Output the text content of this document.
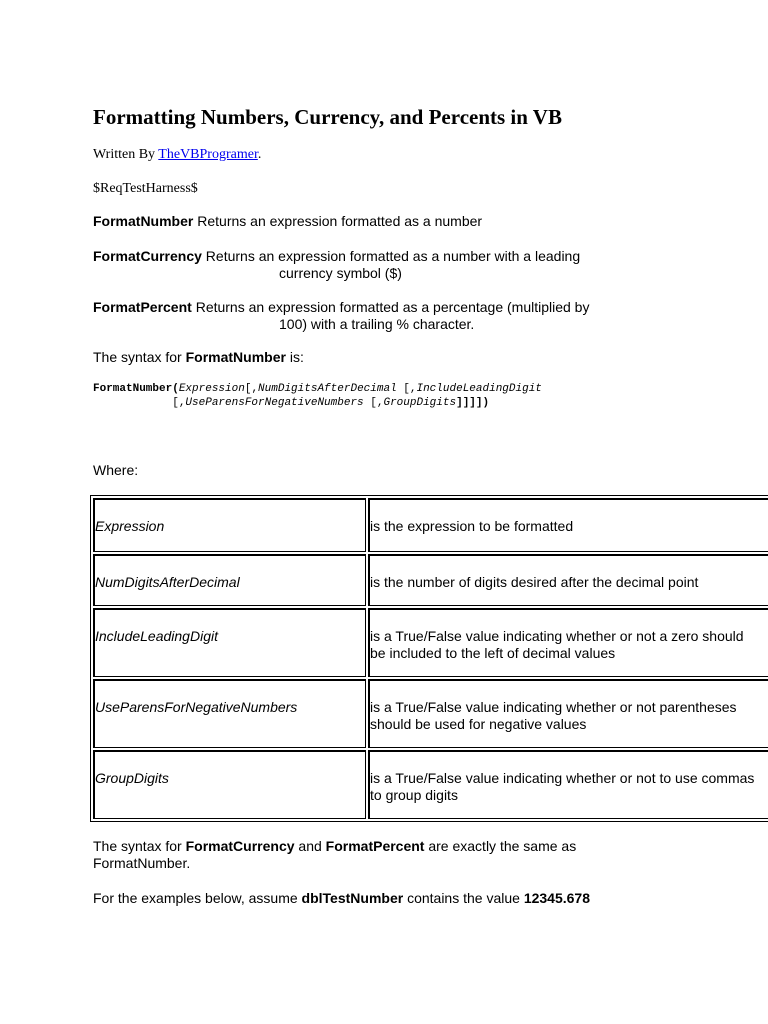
Formatting Numbers, Currency, and Percents in VB
Written By TheVBProgramer.
$ReqTestHarness$
FormatNumber Returns an expression formatted as a number
FormatCurrency Returns an expression formatted as a number with a leading
currency symbol ($)
FormatPercent Returns an expression formatted as a percentage (multiplied by
100) with a trailing % character.
The syntax for FormatNumber is:
FormatNumber(Expression[,NumDigitsAfterDecimal [,IncludeLeadingDigit
[,UseParensForNegativeNumbers [,GroupDigits]]]])
Where:
Expression	is the expression to be formatted
NumDigitsAfterDecimal	is the number of digits desired after the decimal point
IncludeLeadingDigit	is a True/False value indicating whether or not a zero should
be included to the left of decimal values
UseParensForNegativeNumbers	is a True/False value indicating whether or not parentheses
should be used for negative values
GroupDigits	is a True/False value indicating whether or not to use commas
to group digits
The syntax for FormatCurrency and FormatPercent are exactly the same as
FormatNumber.
For the examples below, assume dblTestNumber contains the value 12345.678
